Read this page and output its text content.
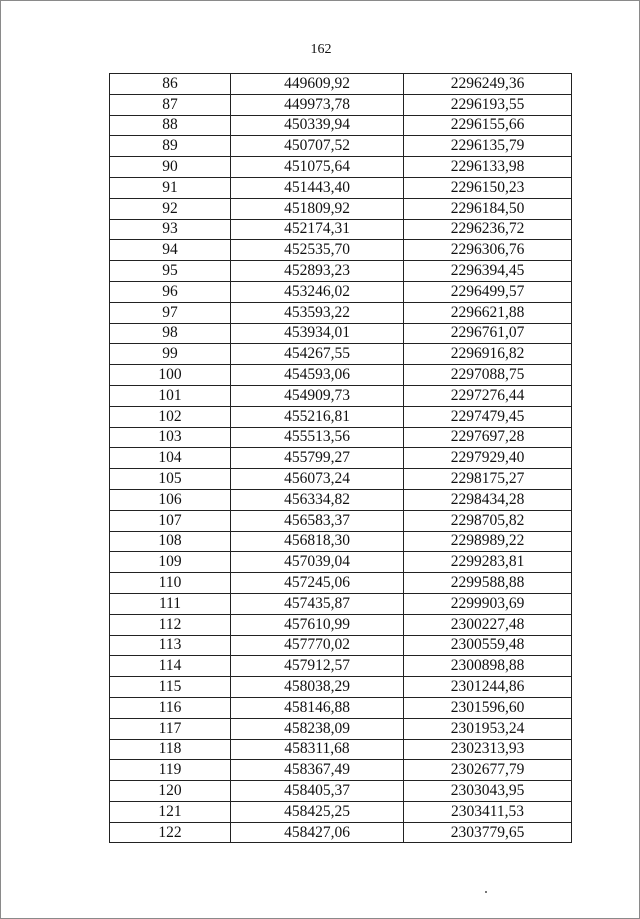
162
86	449609,92	2296249,36
87	449973,78	2296193,55
88	450339,94	2296155,66
89	450707,52	2296135,79
90	451075,64	2296133,98
91	451443,40	2296150,23
92	451809,92	2296184,50
93	452174,31	2296236,72
94	452535,70	2296306,76
95	452893,23	2296394,45
96	453246,02	2296499,57
97	453593,22	2296621,88
98	453934,01	2296761,07
99	454267,55	2296916,82
100	454593,06	2297088,75
101	454909,73	2297276,44
102	455216,81	2297479,45
103	455513,56	2297697,28
104	455799,27	2297929,40
105	456073,24	2298175,27
106	456334,82	2298434,28
107	456583,37	2298705,82
108	456818,30	2298989,22
109	457039,04	2299283,81
110	457245,06	2299588,88
111	457435,87	2299903,69
112	457610,99	2300227,48
113	457770,02	2300559,48
114	457912,57	2300898,88
115	458038,29	2301244,86
116	458146,88	2301596,60
117	458238,09	2301953,24
118	458311,68	2302313,93
119	458367,49	2302677,79
120	458405,37	2303043,95
121	458425,25	2303411,53
122	458427,06	2303779,65
